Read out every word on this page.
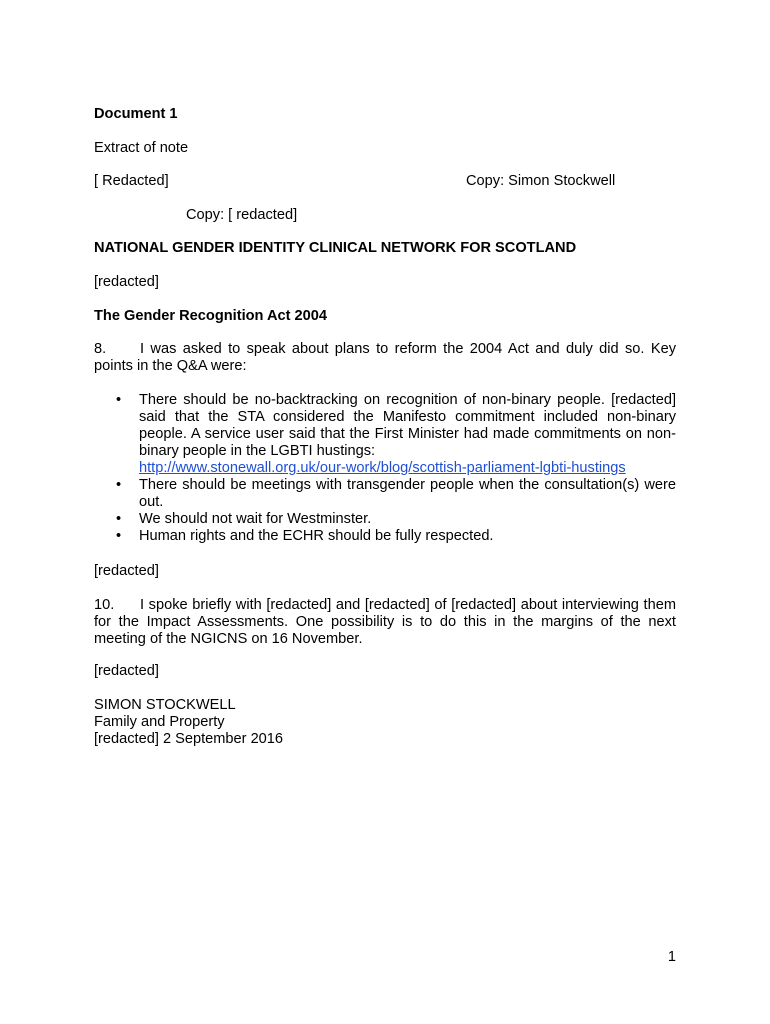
Document 1
Extract of note
[ Redacted]	Copy: Simon Stockwell
Copy: [ redacted]
NATIONAL GENDER IDENTITY CLINICAL NETWORK FOR SCOTLAND
[redacted]
The Gender Recognition Act 2004
8. I was asked to speak about plans to reform the 2004 Act and duly did so. Key points in the Q&A were:
• There should be no-backtracking on recognition of non-binary people. [redacted] said that the STA considered the Manifesto commitment included non-binary people. A service user said that the First Minister had made commitments on non-binary people in the LGBTI hustings:
http://www.stonewall.org.uk/our-work/blog/scottish-parliament-lgbti-hustings
• There should be meetings with transgender people when the consultation(s) were out.
• We should not wait for Westminster.
• Human rights and the ECHR should be fully respected.
[redacted]
10. I spoke briefly with [redacted] and [redacted] of [redacted] about interviewing them for the Impact Assessments. One possibility is to do this in the margins of the next meeting of the NGICNS on 16 November.
[redacted]
SIMON STOCKWELL
Family and Property
[redacted] 2 September 2016
1
